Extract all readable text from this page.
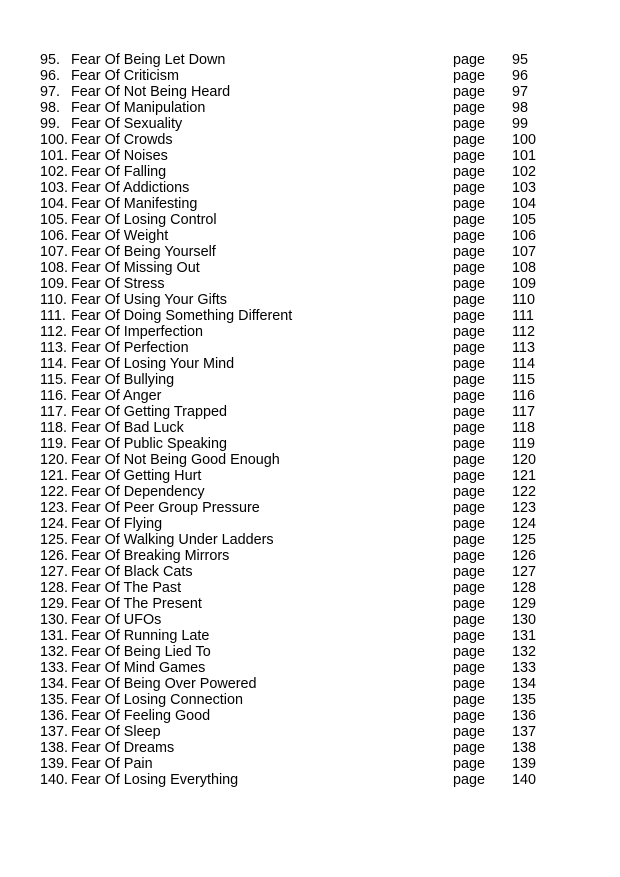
95. Fear Of Being Let Down	page 95
96. Fear Of Criticism	page 96
97. Fear Of Not Being Heard	page 97
98. Fear Of Manipulation	page 98
99. Fear Of Sexuality	page 99
100. Fear Of Crowds	page 100
101. Fear Of Noises	page 101
102. Fear Of Falling	page 102
103. Fear Of Addictions	page 103
104. Fear Of Manifesting	page 104
105. Fear Of Losing Control	page 105
106. Fear Of Weight	page 106
107. Fear Of Being Yourself	page 107
108. Fear Of Missing Out	page 108
109. Fear Of Stress	page 109
110. Fear Of Using Your Gifts	page 110
111. Fear Of Doing Something Different	page 111
112. Fear Of Imperfection	page 112
113. Fear Of Perfection	page 113
114. Fear Of Losing Your Mind	page 114
115. Fear Of Bullying	page 115
116. Fear Of Anger	page 116
117. Fear Of Getting Trapped	page 117
118. Fear Of Bad Luck	page 118
119. Fear Of Public Speaking	page 119
120. Fear Of Not Being Good Enough	page 120
121. Fear Of Getting Hurt	page 121
122. Fear Of Dependency	page 122
123. Fear Of Peer Group Pressure	page 123
124. Fear Of Flying	page 124
125. Fear Of Walking Under Ladders	page 125
126. Fear Of Breaking Mirrors	page 126
127. Fear Of Black Cats	page 127
128. Fear Of The Past	page 128
129. Fear Of The Present	page 129
130. Fear Of UFOs	page 130
131. Fear Of Running Late	page 131
132. Fear Of Being Lied To	page 132
133. Fear Of Mind Games	page 133
134. Fear Of Being Over Powered	page 134
135. Fear Of Losing Connection	page 135
136. Fear Of Feeling Good	page 136
137. Fear Of Sleep	page 137
138. Fear Of Dreams	page 138
139. Fear Of Pain	page 139
140. Fear Of Losing Everything	page 140
